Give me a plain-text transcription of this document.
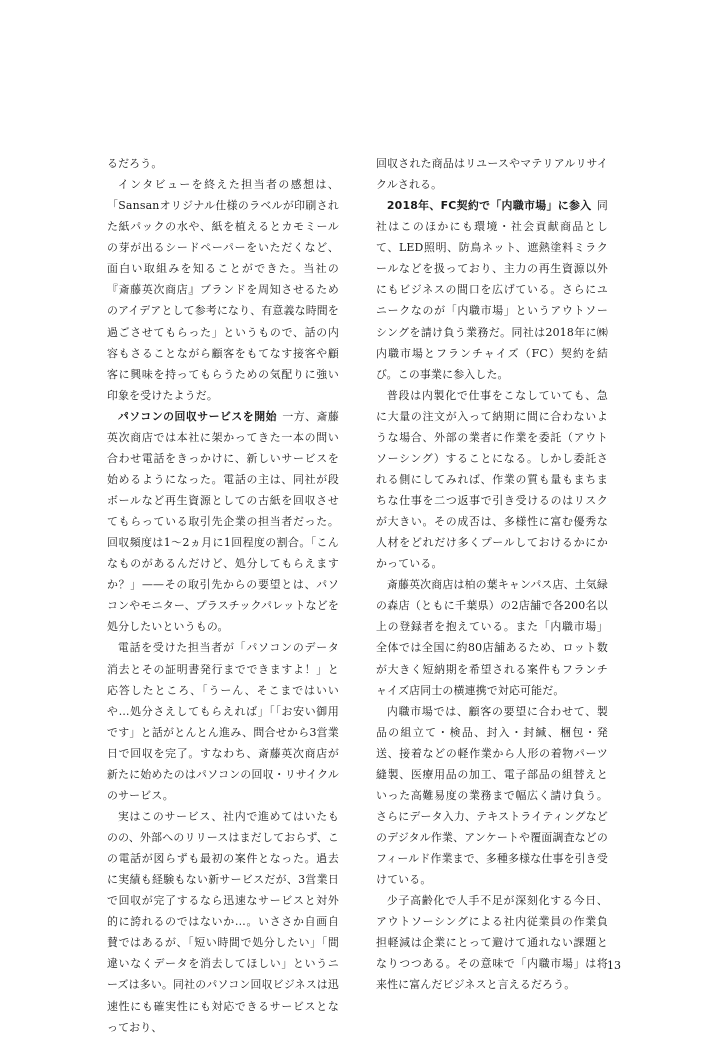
るだろう。

インタビューを終えた担当者の感想は、「Sansanオリジナル仕様のラベルが印刷された紙パックの水や、紙を植えるとカモミールの芽が出るシードペーパーをいただくなど、面白い取組みを知ることができた。当社の『斎藤英次商店』ブランドを周知させるためのアイデアとして参考になり、有意義な時間を過ごさせてもらった」というもので、話の内容もさることながら顧客をもてなす接客や顧客に興味を持ってもらうための気配りに強い印象を受けたようだ。

パソコンの回収サービスを開始 一方、斎藤英次商店では本社に架かってきた一本の問い合わせ電話をきっかけに、新しいサービスを始めるようになった。電話の主は、同社が段ボールなど再生資源としての古紙を回収させてもらっている取引先企業の担当者だった。回収頻度は1～2ヵ月に1回程度の割合。「こんなものがあるんだけど、処分してもらえますか？」——その取引先からの要望とは、パソコンやモニター、プラスチックパレットなどを処分したいというもの。

電話を受けた担当者が「パソコンのデータ消去とその証明書発行までできますよ！」と応答したところ、「うーん、そこまではいいや…処分さえしてもらえれば」「「お安い御用です」と話がとんとん進み、問合せから3営業日で回収を完了。すなわち、斎藤英次商店が新たに始めたのはパソコンの回収・リサイクルのサービス。

実はこのサービス、社内で進めてはいたものの、外部へのリリースはまだしておらず、この電話が図らずも最初の案件となった。過去に実績も経験もない新サービスだが、3営業日で回収が完了するなら迅速なサービスと対外的に誇れるのではないか…。いささか自画自賛ではあるが、「短い時間で処分したい」「間違いなくデータを消去してほしい」というニーズは多い。同社のパソコン回収ビジネスは迅速性にも確実性にも対応できるサービスとなっており、

回収された商品はリユースやマテリアルリサイクルされる。

2018年、FC契約で「内職市場」に参入 同社はこのほかにも環境・社会貢献商品として、LED照明、防鳥ネット、遮熱塗料ミラクールなどを扱っており、主力の再生資源以外にもビジネスの間口を広げている。さらにユニークなのが「内職市場」というアウトソーシングを請け負う業務だ。同社は2018年に㈱内職市場とフランチャイズ（FC）契約を結び。この事業に参入した。

普段は内製化で仕事をこなしていても、急に大量の注文が入って納期に間に合わないような場合、外部の業者に作業を委託（アウトソーシング）することになる。しかし委託される側にしてみれば、作業の質も量もまちまちな仕事を二つ返事で引き受けるのはリスクが大きい。その成否は、多様性に富む優秀な人材をどれだけ多くプールしておけるかにかかっている。

斎藤英次商店は柏の葉キャンパス店、土気緑の森店（ともに千葉県）の2店舗で各200名以上の登録者を抱えている。また「内職市場」全体では全国に約80店舗あるため、ロット数が大きく短納期を希望される案件もフランチャイズ店同士の横連携で対応可能だ。

内職市場では、顧客の要望に合わせて、製品の組立て・検品、封入・封緘、梱包・発送、接着などの軽作業から人形の着物パーツ縫製、医療用品の加工、電子部品の組替えといった高難易度の業務まで幅広く請け負う。さらにデータ入力、テキストライティングなどのデジタル作業、アンケートや覆面調査などのフィールド作業まで、多種多様な仕事を引き受けている。

少子高齢化で人手不足が深刻化する今日、アウトソーシングによる社内従業員の作業負担軽減は企業にとって避けて通れない課題となりつつある。その意味で「内職市場」は将来性に富んだビジネスと言えるだろう。

13
